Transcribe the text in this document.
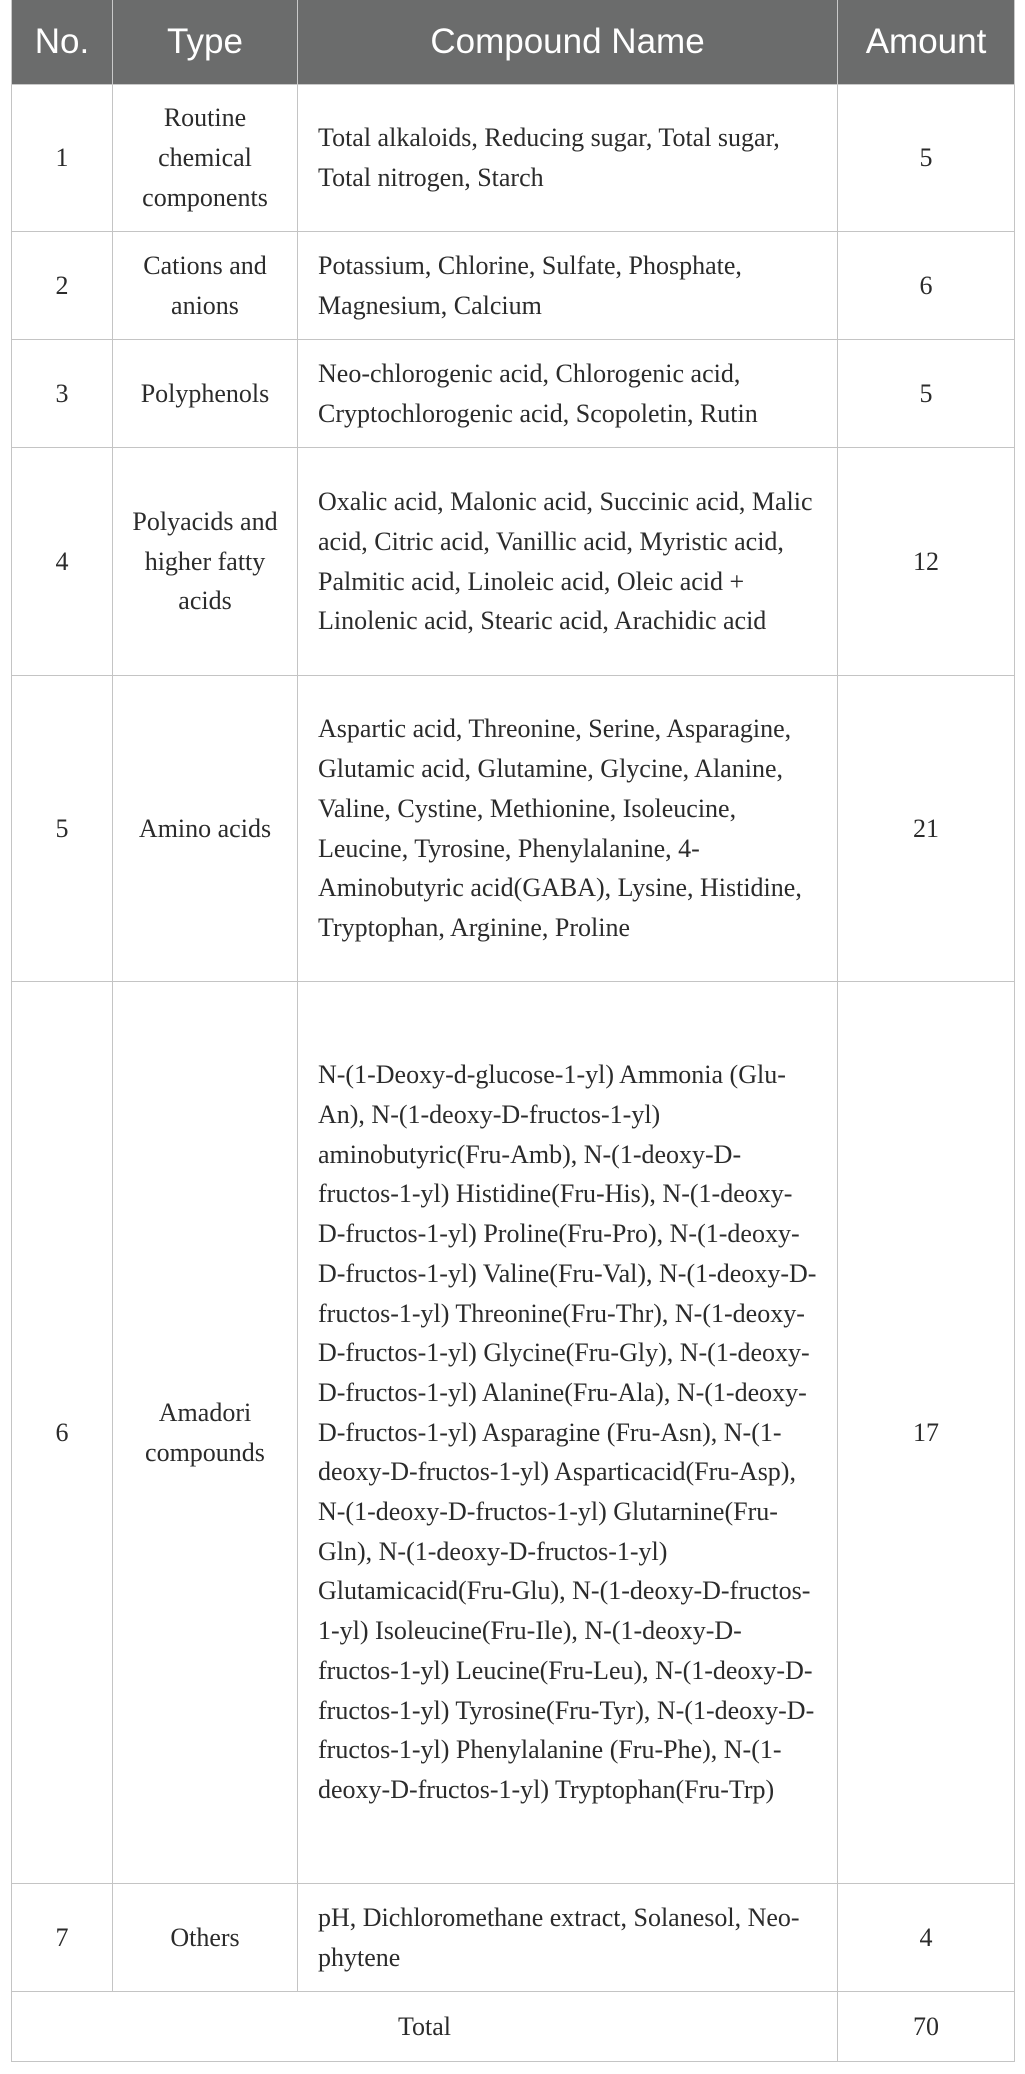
No.	Type	Compound Name	Amount
1	Routine chemical components	Total alkaloids, Reducing sugar, Total sugar, Total nitrogen, Starch	5
2	Cations and anions	Potassium, Chlorine, Sulfate, Phosphate, Magnesium, Calcium	6
3	Polyphenols	Neo-chlorogenic acid, Chlorogenic acid, Cryptochlorogenic acid, Scopoletin, Rutin	5
4	Polyacids and higher fatty acids	Oxalic acid, Malonic acid, Succinic acid, Malic acid, Citric acid, Vanillic acid, Myristic acid, Palmitic acid, Linoleic acid, Oleic acid + Linolenic acid, Stearic acid, Arachidic acid	12
5	Amino acids	Aspartic acid, Threonine, Serine, Asparagine, Glutamic acid, Glutamine, Glycine, Alanine, Valine, Cystine, Methionine, Isoleucine, Leucine, Tyrosine, Phenylalanine, 4-Aminobutyric acid(GABA), Lysine, Histidine, Tryptophan, Arginine, Proline	21
6	Amadori compounds	N-(1-Deoxy-d-glucose-1-yl) Ammonia (Glu-An), N-(1-deoxy-D-fructos-1-yl) aminobutyric(Fru-Amb), N-(1-deoxy-D-fructos-1-yl) Histidine(Fru-His), N-(1-deoxy-D-fructos-1-yl) Proline(Fru-Pro), N-(1-deoxy-D-fructos-1-yl) Valine(Fru-Val), N-(1-deoxy-D-fructos-1-yl) Threonine(Fru-Thr), N-(1-deoxy-D-fructos-1-yl) Glycine(Fru-Gly), N-(1-deoxy-D-fructos-1-yl) Alanine(Fru-Ala), N-(1-deoxy-D-fructos-1-yl) Asparagine (Fru-Asn), N-(1-deoxy-D-fructos-1-yl) Asparticacid(Fru-Asp), N-(1-deoxy-D-fructos-1-yl) Glutarnine(Fru-Gln), N-(1-deoxy-D-fructos-1-yl) Glutamicacid(Fru-Glu), N-(1-deoxy-D-fructos-1-yl) Isoleucine(Fru-Ile), N-(1-deoxy-D-fructos-1-yl) Leucine(Fru-Leu), N-(1-deoxy-D-fructos-1-yl) Tyrosine(Fru-Tyr), N-(1-deoxy-D-fructos-1-yl) Phenylalanine (Fru-Phe), N-(1-deoxy-D-fructos-1-yl) Tryptophan(Fru-Trp)	17
7	Others	pH, Dichloromethane extract, Solanesol, Neo-phytene	4
Total			70
